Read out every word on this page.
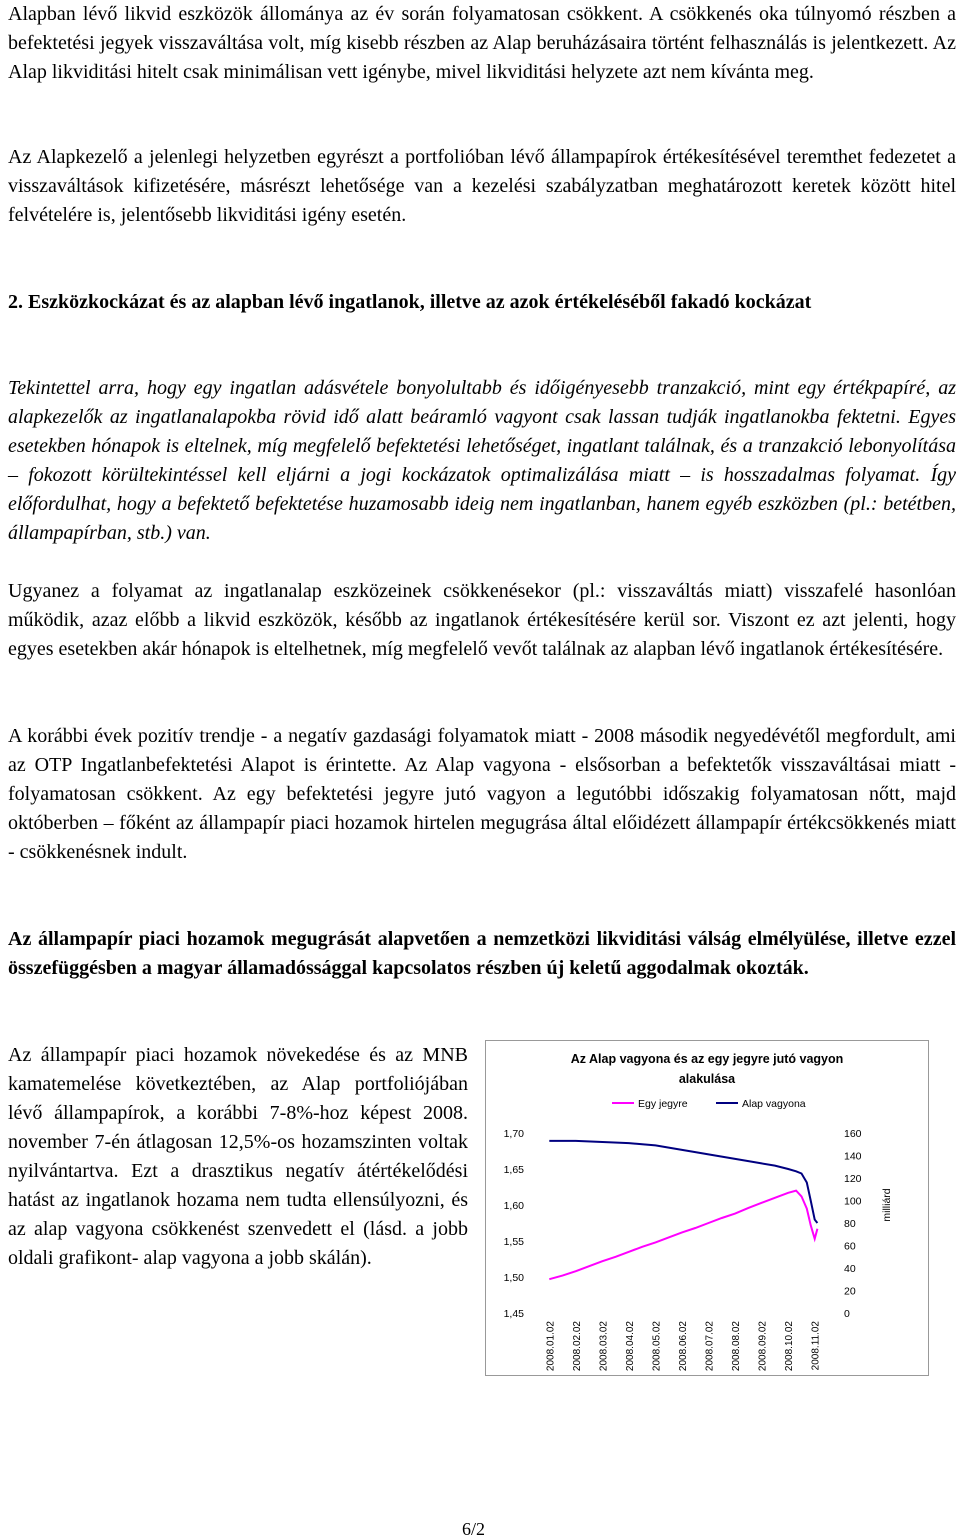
Alapban lévő likvid eszközök állománya az év során folyamatosan csökkent. A csökkenés oka túlnyomó részben a befektetési jegyek visszaváltása volt, míg kisebb részben az Alap beruházásaira történt felhasználás is jelentkezett. Az Alap likviditási hitelt csak minimálisan vett igénybe, mivel likviditási helyzete azt nem kívánta meg.

Az Alapkezelő a jelenlegi helyzetben egyrészt a portfolióban lévő állampapírok értékesítésével teremthet fedezetet a visszaváltások kifizetésére, másrészt lehetősége van a kezelési szabályzatban meghatározott keretek között hitel felvételére is, jelentősebb likviditási igény esetén.

2. Eszközkockázat és az alapban lévő ingatlanok, illetve az azok értékeléséből fakadó kockázat

Tekintettel arra, hogy egy ingatlan adásvétele bonyolultabb és időigényesebb tranzakció, mint egy értékpapíré, az alapkezelők az ingatlanalapokba rövid idő alatt beáramló vagyont csak lassan tudják ingatlanokba fektetni. Egyes esetekben hónapok is eltelnek, míg megfelelő befektetési lehetőséget, ingatlant találnak, és a tranzakció lebonyolítása – fokozott körültekintéssel kell eljárni a jogi kockázatok optimalizálása miatt – is hosszadalmas folyamat. Így előfordulhat, hogy a befektető befektetése huzamosabb ideig nem ingatlanban, hanem egyéb eszközben (pl.: betétben, állampapírban, stb.) van.

Ugyanez a folyamat az ingatlanalap eszközeinek csökkenésekor (pl.: visszaváltás miatt) visszafelé hasonlóan működik, azaz előbb a likvid eszközök, később az ingatlanok értékesítésére kerül sor. Viszont ez azt jelenti, hogy egyes esetekben akár hónapok is eltelhetnek, míg megfelelő vevőt találnak az alapban lévő ingatlanok értékesítésére.

A korábbi évek pozitív trendje - a negatív gazdasági folyamatok miatt - 2008 második negyedévétől megfordult, ami az OTP Ingatlanbefektetési Alapot is érintette. Az Alap vagyona - elsősorban a befektetők visszaváltásai miatt - folyamatosan csökkent. Az egy befektetési jegyre jutó vagyon a legutóbbi időszakig folyamatosan nőtt, majd októberben – főként az állampapír piaci hozamok hirtelen megugrása által előidézett állampapír értékcsökkenés miatt - csökkenésnek indult.

Az állampapír piaci hozamok megugrását alapvetően a nemzetközi likviditási válság elmélyülése, illetve ezzel összefüggésben a magyar államadóssággal kapcsolatos részben új keletű aggodalmak okozták.

Az állampapír piaci hozamok növekedése és az MNB kamatemelése következtében, az Alap portfoliójában lévő állampapírok, a korábbi 7-8%-hoz képest 2008. november 7-én átlagosan 12,5%-os hozamszinten voltak nyilvántartva. Ezt a drasztikus negatív átértékelődési hatást az ingatlanok hozama nem tudta ellensúlyozni, és az alap vagyona csökkenést szenvedett el (lásd. a jobb oldali grafikont- alap vagyona a jobb skálán).

Az Alap vagyona és az egy jegyre jutó vagyon
alakulása
Egy jegyre	Alap vagyona
1,70
1,65
1,60
1,55
1,50
1,45
160
140
120
100
80
60
40
20
0
milliárd
2008.01.02 2008.02.02 2008.03.02 2008.04.02 2008.05.02 2008.06.02 2008.07.02 2008.08.02 2008.09.02 2008.10.02 2008.11.02
6/2
